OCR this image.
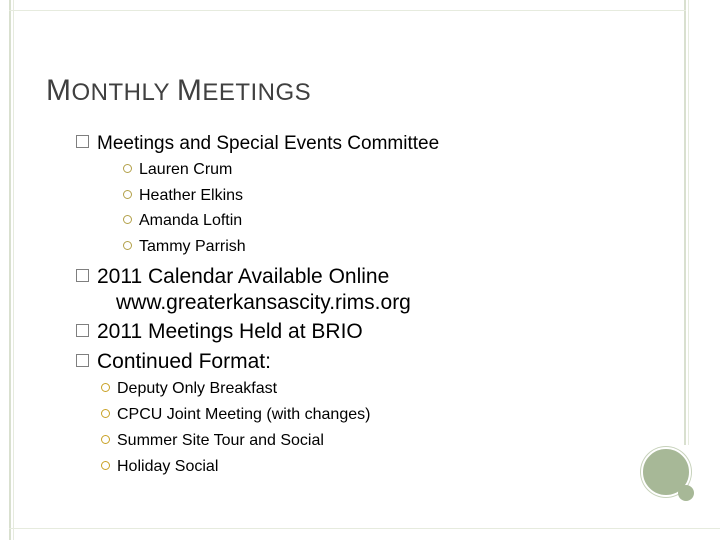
MONTHLY MEETINGS
Meetings and Special Events Committee
Lauren Crum
Heather Elkins
Amanda Loftin
Tammy Parrish
2011 Calendar Available Online
www.greaterkansascity.rims.org
2011 Meetings Held at BRIO
Continued Format:
Deputy Only Breakfast
CPCU Joint Meeting (with changes)
Summer Site Tour and Social
Holiday Social
